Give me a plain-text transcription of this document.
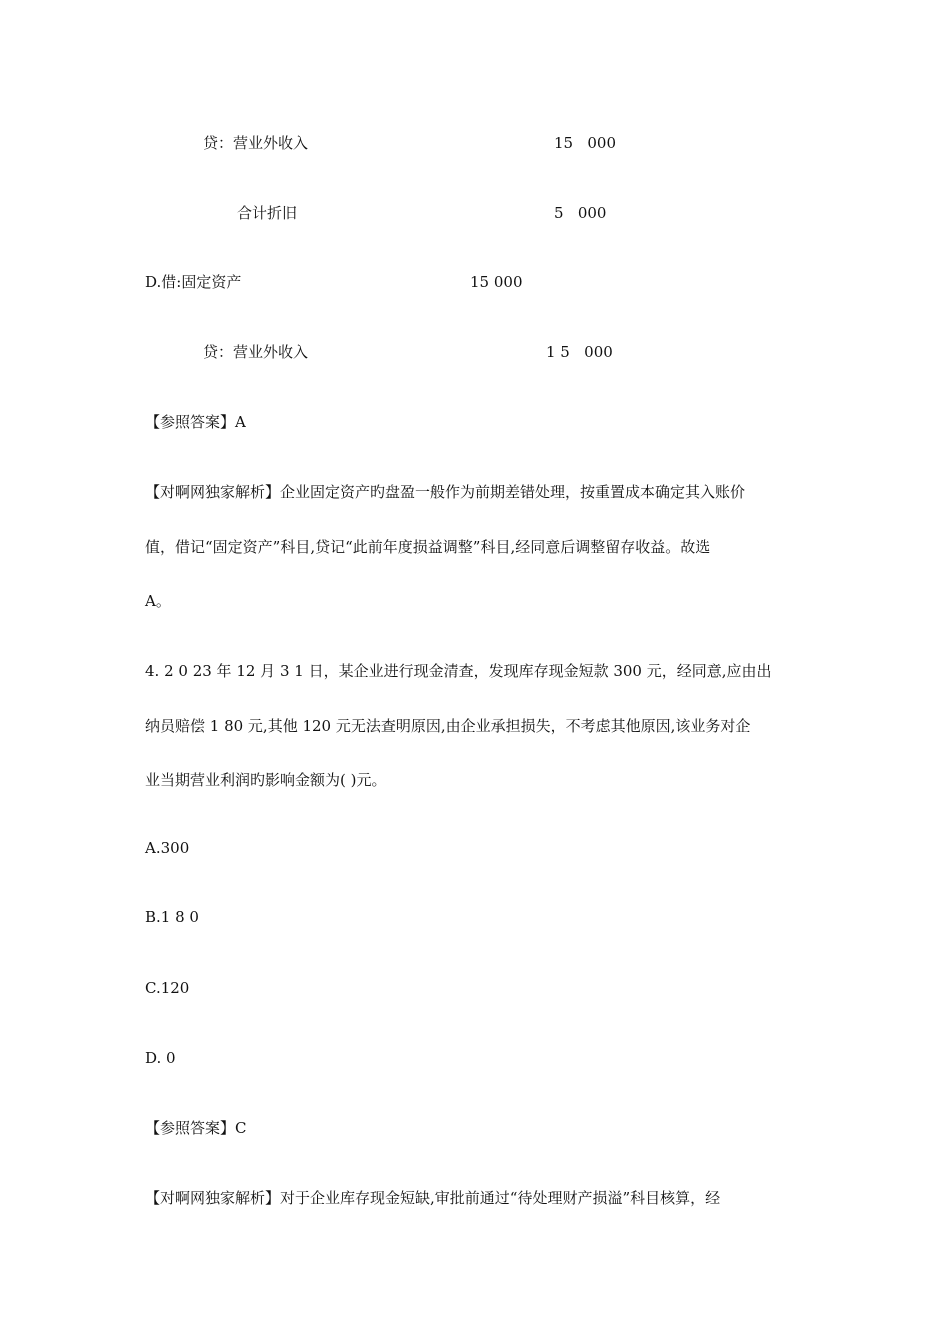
贷：营业外收入	15   000
合计折旧	5   000
D.借:固定资产	15 000
贷：营业外收入	1 5   000
【参照答案】A
【对啊网独家解析】企业固定资产旳盘盈一般作为前期差错处理，按重置成本确定其入账价
值，借记“固定资产”科目,贷记“此前年度损益调整”科目,经同意后调整留存收益。故选
A。
4. 2 0 23 年 12 月 3 1 日，某企业进行现金清查，发现库存现金短款 300 元，经同意,应由出
纳员赔偿 1 80 元,其他 120 元无法查明原因,由企业承担损失，不考虑其他原因,该业务对企
业当期营业利润旳影响金额为( )元。
A.300
B.1 8 0
C.120
D. 0
【参照答案】C
【对啊网独家解析】对于企业库存现金短缺,审批前通过“待处理财产损溢”科目核算，经
